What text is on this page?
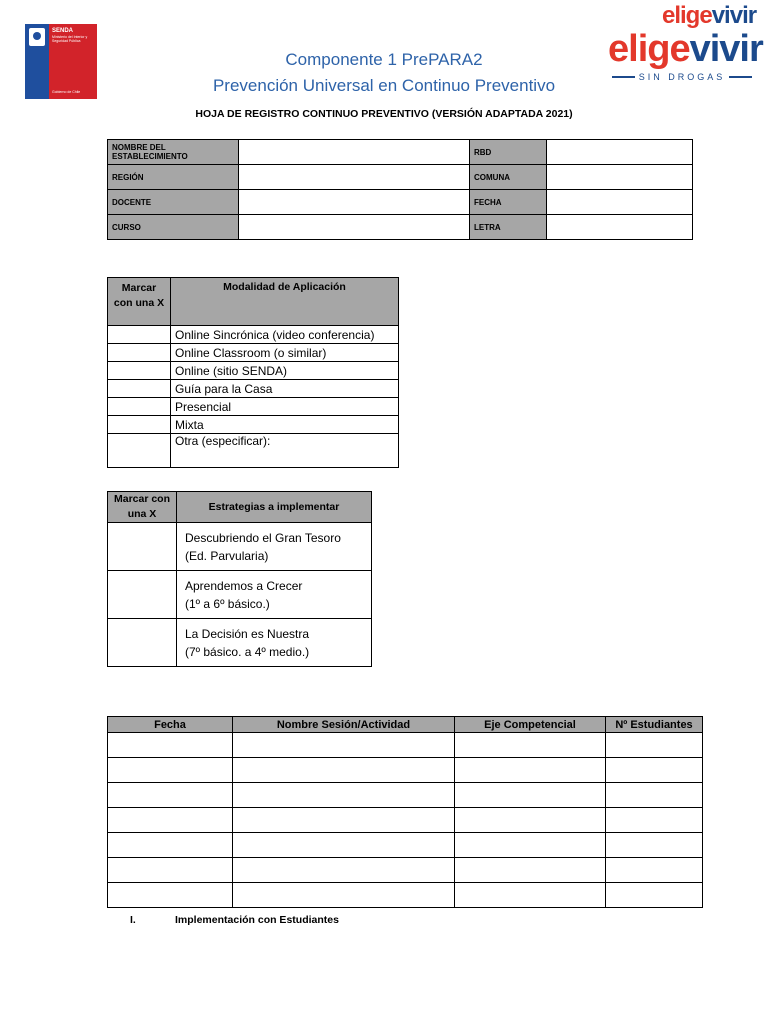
SENDA
Ministerio del Interior y Seguridad Pública
Gobierno de Chile
eligevivir
eligevivir
SIN DROGAS
Componente 1 PrePARA2
Prevención Universal en Continuo Preventivo
HOJA DE REGISTRO CONTINUO PREVENTIVO (VERSIÓN ADAPTADA 2021)
NOMBRE DEL ESTABLECIMIENTO		RBD	
REGIÓN		COMUNA	
DOCENTE		FECHA	
CURSO		LETRA	
Marcar con una X	Modalidad de Aplicación
	Online Sincrónica (video conferencia)
	Online Classroom (o similar)
	Online (sitio SENDA)
	Guía para la Casa
	Presencial
	Mixta
	Otra (especificar):
Marcar con una X	Estrategias a implementar

	Descubriendo el Gran Tesoro
(Ed. Parvularia)

	Aprendemos a Crecer
(1º a 6º básico.)

	La Decisión es Nuestra
(7º básico. a 4º medio.)
Fecha	Nombre Sesión/Actividad	Eje Competencial	Nº Estudiantes

I.	Implementación con Estudiantes
